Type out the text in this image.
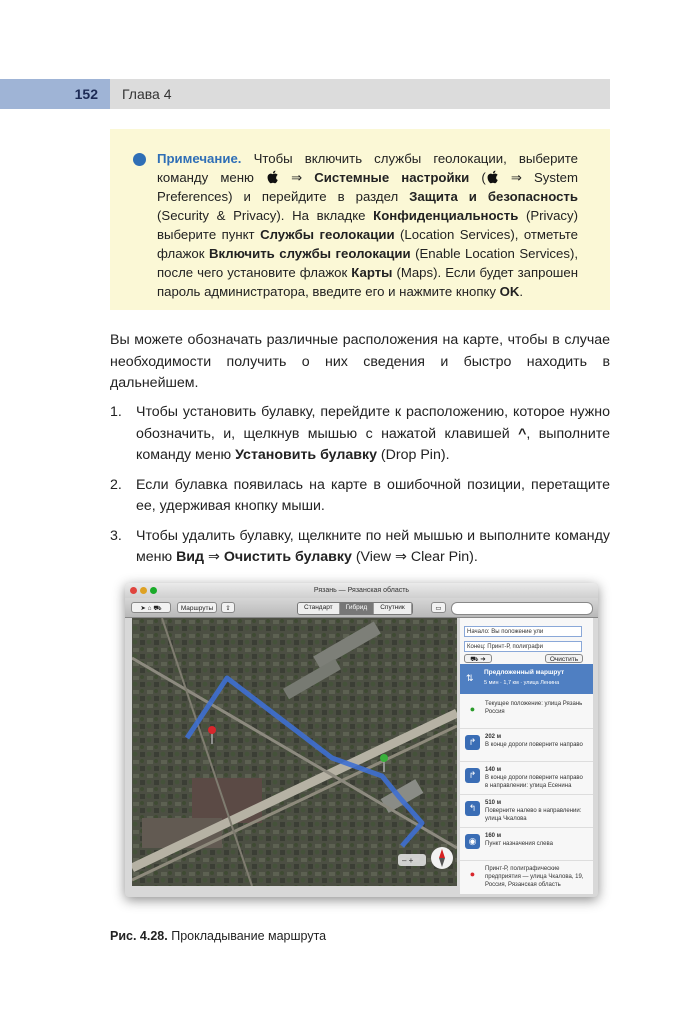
152	Глава 4

Примечание. Чтобы включить службы геолокации, выберите команду меню  ⇒ Системные настройки ( ⇒ System Preferences) и перейдите в раздел Защита и безопасность (Security & Privacy). На вкладке Конфиденциальность (Privacy) выберите пункт Службы геолокации (Location Services), отметьте флажок Включить службы геолокации (Enable Location Services), после чего установите флажок Карты (Maps). Если будет запрошен пароль администратора, введите его и нажмите кнопку OK.

Вы можете обозначать различные расположения на карте, чтобы в случае необходимости получить о них сведения и быстро находить в дальнейшем.

1. Чтобы установить булавку, перейдите к расположению, которое нужно обозначить, и, щелкнув мышью с нажатой клавишей ^, выполните команду меню Установить булавку (Drop Pin).
2. Если булавка появилась на карте в ошибочной позиции, перетащите ее, удерживая кнопку мыши.
3. Чтобы удалить булавку, щелкните по ней мышью и выполните команду меню Вид ⇒ Очистить булавку (View ⇒ Clear Pin).
Рязань — Рязанская область
➤ ⌂ ⛟	Маршруты	⇪	Стандарт	Гибрид	Спутник	▭
– +
Начало: Вы положение ули
Конец: Принт-Р, полиграфи
⛟ ➜	Очистить
⇅
Предложенный маршрут
5 мин · 1,7 км · улица Ленина
●	Текущее положение: улица Рязань Россия
↱	202 м
В конце дороги поверните направо
↱	140 м
В конце дороги поверните направо в направлении: улица Есенина
↰	510 м
Поверните налево в направлении: улица Чкалова
◉	160 м
Пункт назначения слева
●	Принт-Р, полиграфические предприятия — улица Чкалова, 19, Россия, Рязанская область
Рис. 4.28. Прокладывание маршрута
